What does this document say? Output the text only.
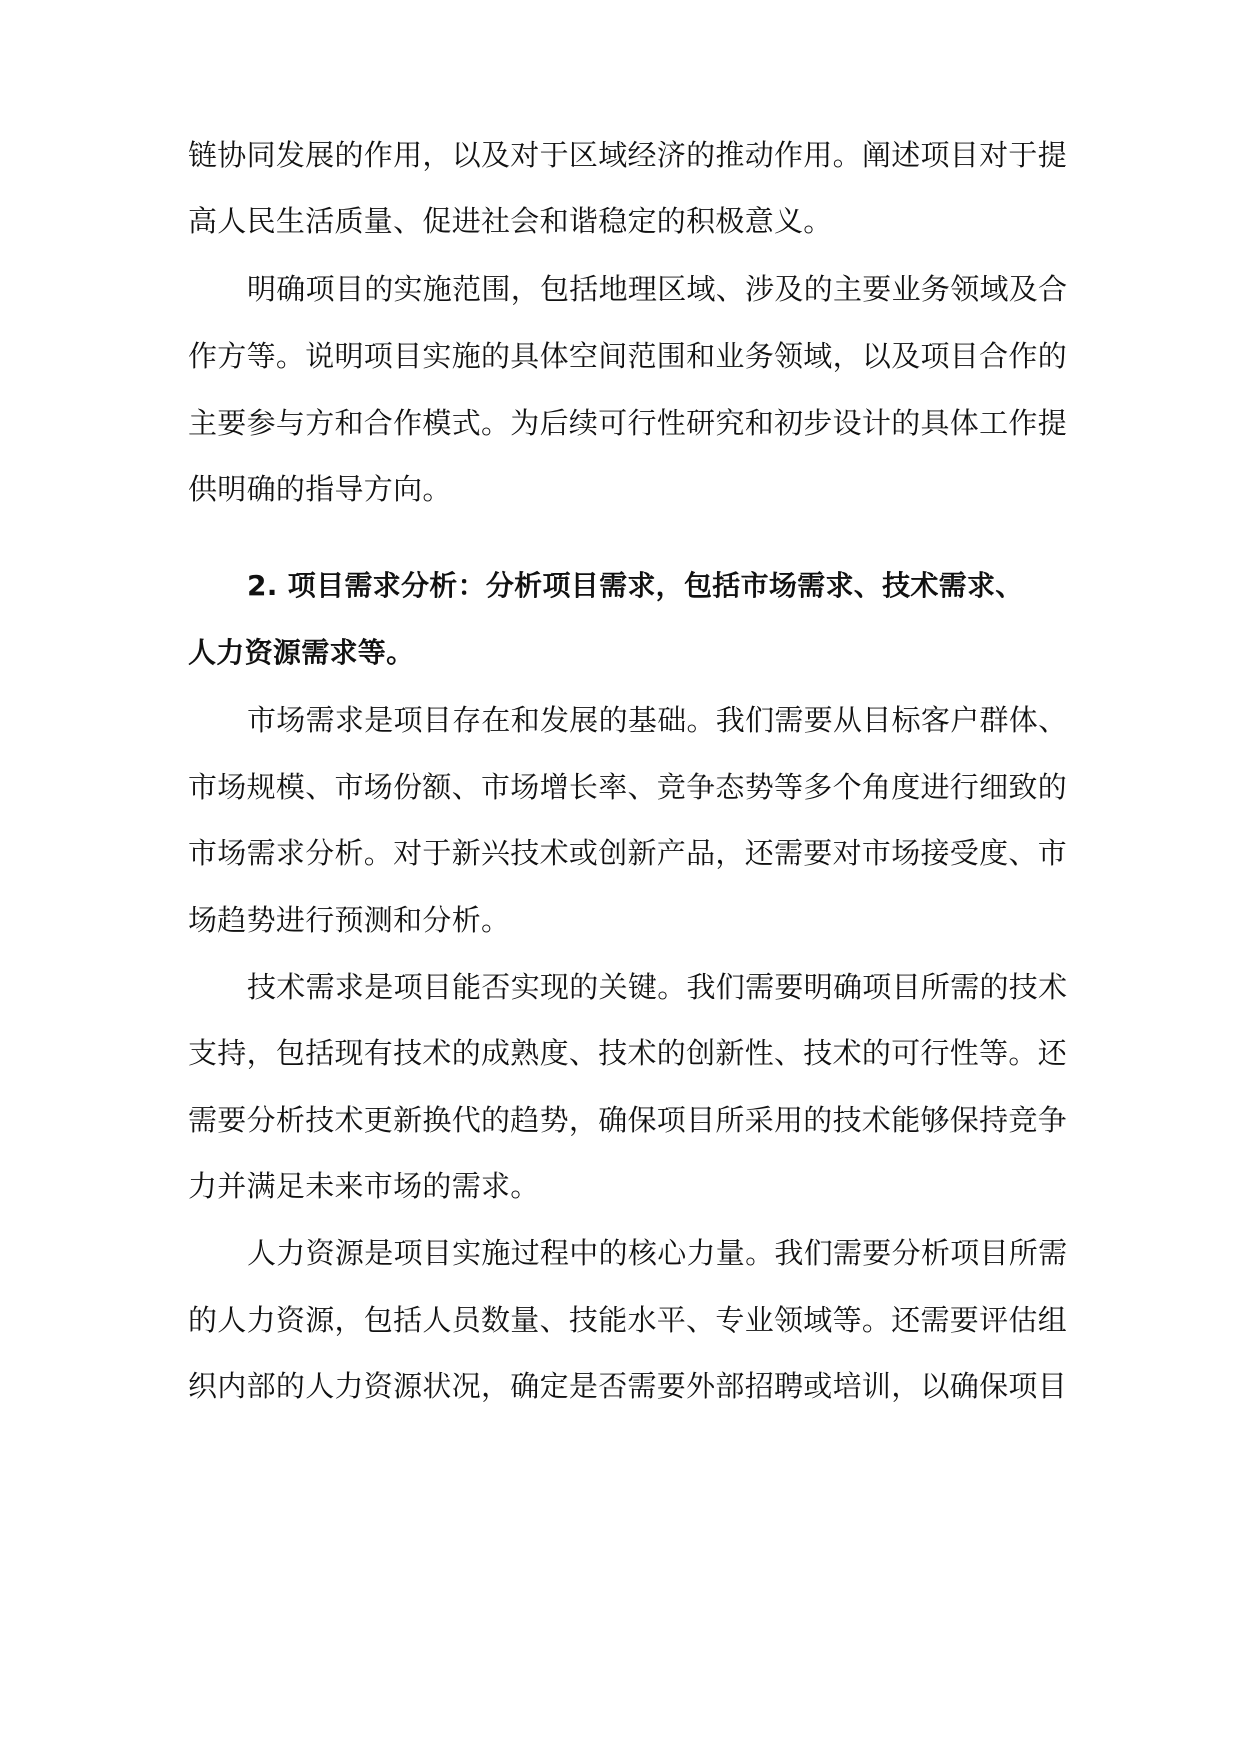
链协同发展的作用，以及对于区域经济的推动作用。阐述项目对于提
高人民生活质量、促进社会和谐稳定的积极意义。
明确项目的实施范围，包括地理区域、涉及的主要业务领域及合
作方等。说明项目实施的具体空间范围和业务领域，以及项目合作的
主要参与方和合作模式。为后续可行性研究和初步设计的具体工作提
供明确的指导方向。
2. 项目需求分析：分析项目需求，包括市场需求、技术需求、
人力资源需求等。
市场需求是项目存在和发展的基础。我们需要从目标客户群体、
市场规模、市场份额、市场增长率、竞争态势等多个角度进行细致的
市场需求分析。对于新兴技术或创新产品，还需要对市场接受度、市
场趋势进行预测和分析。
技术需求是项目能否实现的关键。我们需要明确项目所需的技术
支持，包括现有技术的成熟度、技术的创新性、技术的可行性等。还
需要分析技术更新换代的趋势，确保项目所采用的技术能够保持竞争
力并满足未来市场的需求。
人力资源是项目实施过程中的核心力量。我们需要分析项目所需
的人力资源，包括人员数量、技能水平、专业领域等。还需要评估组
织内部的人力资源状况，确定是否需要外部招聘或培训，以确保项目
